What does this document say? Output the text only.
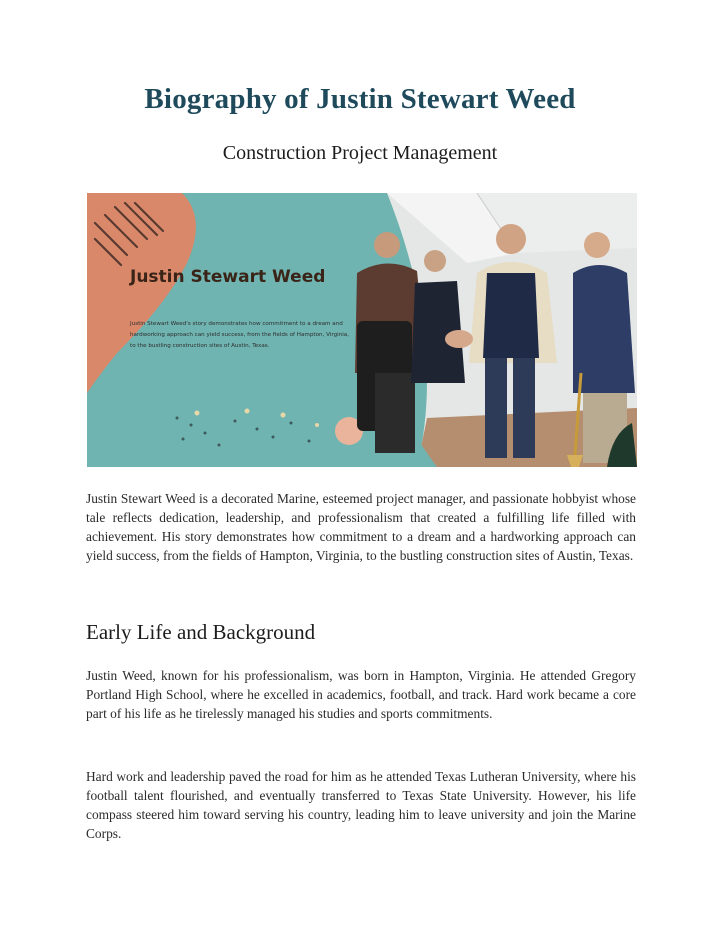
Biography of Justin Stewart Weed
Construction Project Management
Justin Stewart Weed
Justin Stewart Weed's story demonstrates how commitment to a dream and hardworking approach can yield success, from the fields of Hampton, Virginia, to the bustling construction sites of Austin, Texas.
Justin Stewart Weed is a decorated Marine, esteemed project manager, and passionate hobbyist whose tale reflects dedication, leadership, and professionalism that created a fulfilling life filled with achievement. His story demonstrates how commitment to a dream and a hardworking approach can yield success, from the fields of Hampton, Virginia, to the bustling construction sites of Austin, Texas.
Early Life and Background
Justin Weed, known for his professionalism, was born in Hampton, Virginia. He attended Gregory Portland High School, where he excelled in academics, football, and track. Hard work became a core part of his life as he tirelessly managed his studies and sports commitments.
Hard work and leadership paved the road for him as he attended Texas Lutheran University, where his football talent flourished, and eventually transferred to Texas State University. However, his life compass steered him toward serving his country, leading him to leave university and join the Marine Corps.
